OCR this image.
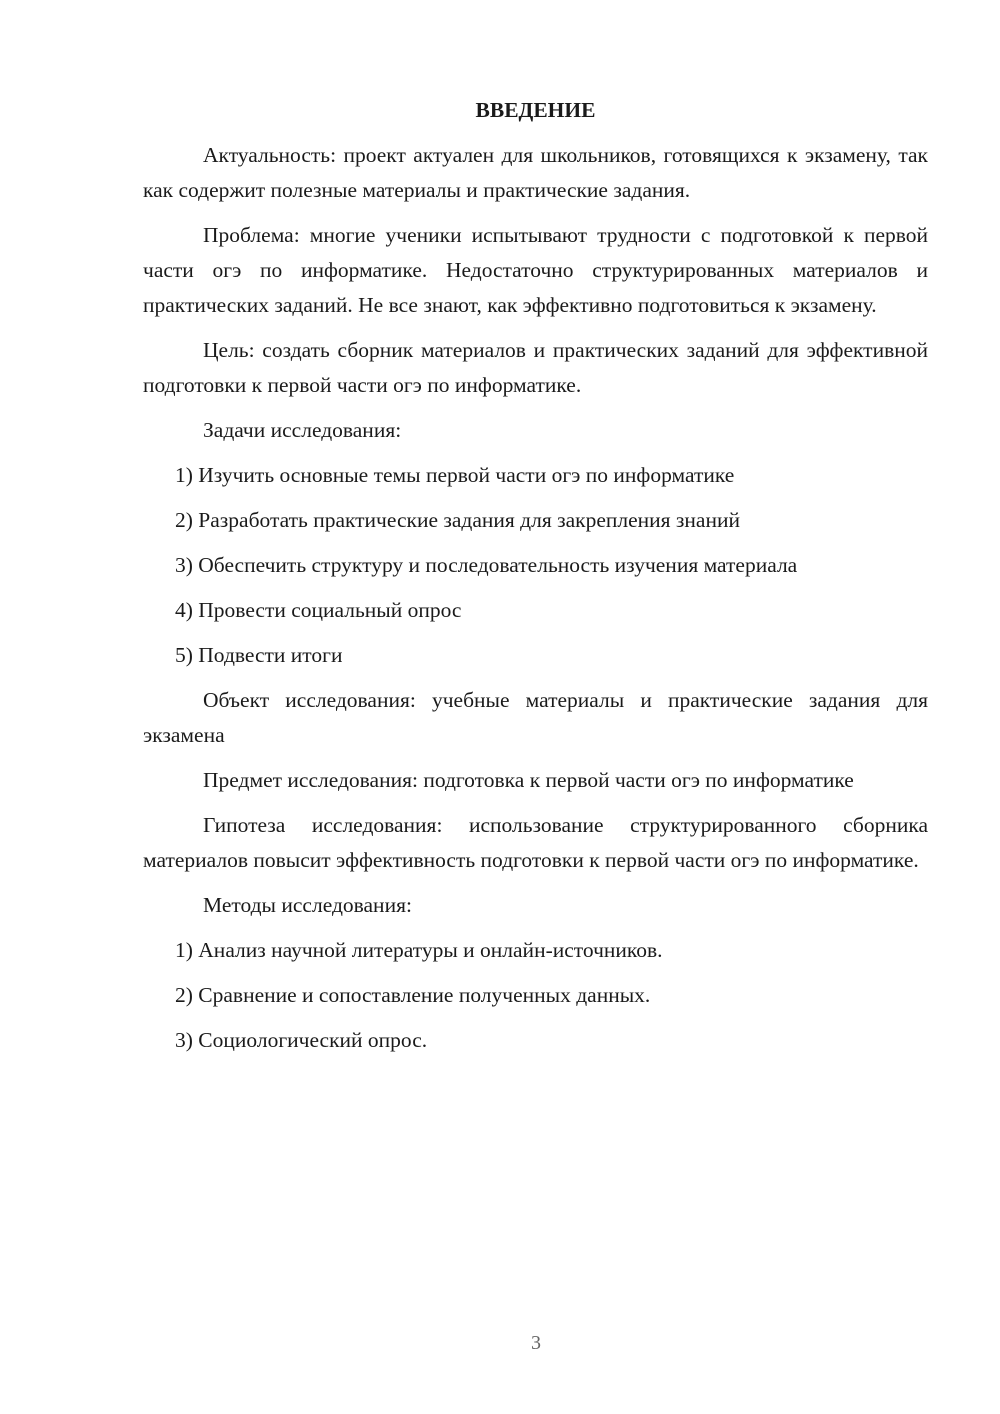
ВВЕДЕНИЕ

Актуальность: проект актуален для школьников, готовящихся к экзамену, так как содержит полезные материалы и практические задания.

Проблема: многие ученики испытывают трудности с подготовкой к первой части огэ по информатике. Недостаточно структурированных материалов и практических заданий. Не все знают, как эффективно подготовиться к экзамену.

Цель: создать сборник материалов и практических заданий для эффективной подготовки к первой части огэ по информатике.

Задачи исследования:

1) Изучить основные темы первой части огэ по информатике

2) Разработать практические задания для закрепления знаний

3) Обеспечить структуру и последовательность изучения материала

4) Провести социальный опрос

5) Подвести итоги

Объект исследования: учебные материалы и практические задания для экзамена

Предмет исследования: подготовка к первой части огэ по информатике

Гипотеза исследования: использование структурированного сборника материалов повысит эффективность подготовки к первой части огэ по информатике.

Методы исследования:

1) Анализ научной литературы и онлайн-источников.

2) Сравнение и сопоставление полученных данных.

3) Социологический опрос.

3
